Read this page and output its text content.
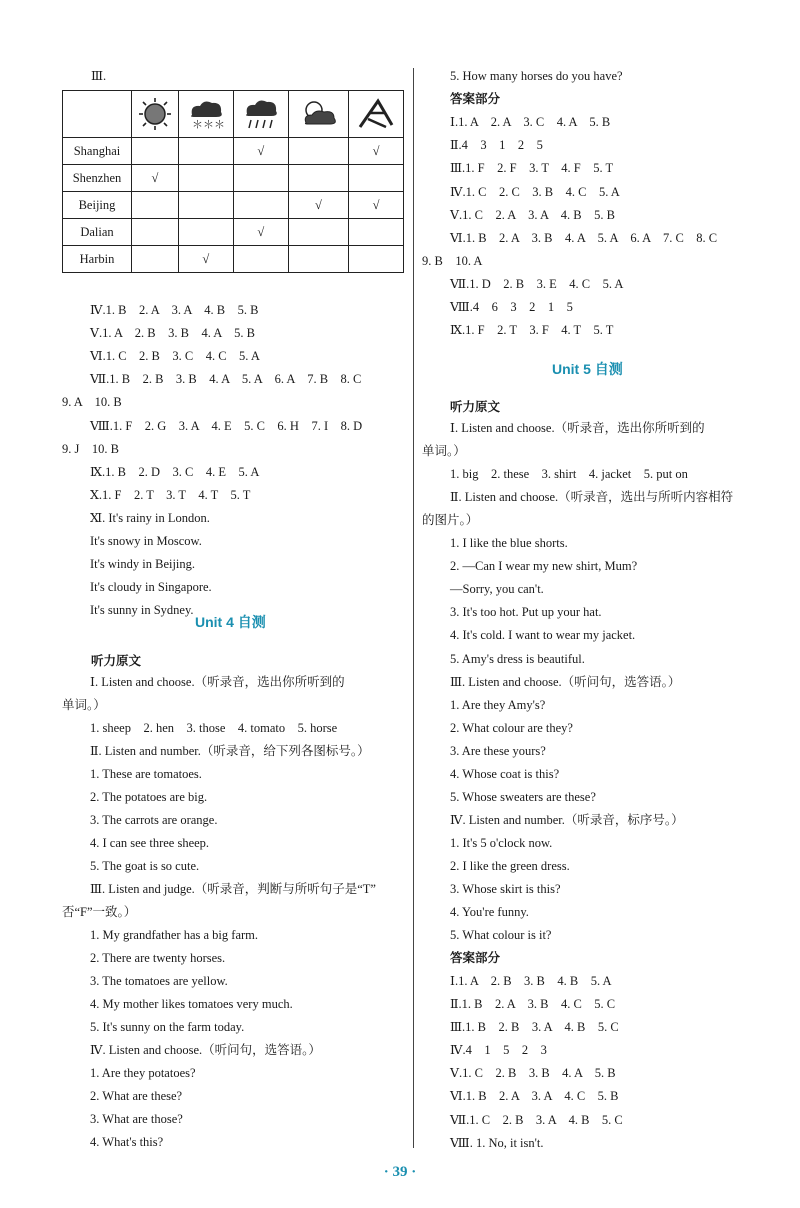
Ⅲ.

＊＊＊

Shanghai			√		√
Shenzhen	√				
Beijing				√	√
Dalian			√		
Harbin		√			
Ⅳ.1. B　2. A　3. A　4. B　5. B
Ⅴ.1. A　2. B　3. B　4. A　5. B
Ⅵ.1. C　2. B　3. C　4. C　5. A
Ⅶ.1. B　2. B　3. B　4. A　5. A　6. A　7. B　8. C
9. A　10. B
Ⅷ.1. F　2. G　3. A　4. E　5. C　6. H　7. I　8. D
9. J　10. B
Ⅸ.1. B　2. D　3. C　4. E　5. A
Ⅹ.1. F　2. T　3. T　4. T　5. T
Ⅺ. It's rainy in London.
It's snowy in Moscow.
It's windy in Beijing.
It's cloudy in Singapore.
It's sunny in Sydney.
Unit 4 自测
听力原文
Ⅰ. Listen and choose.（听录音，选出你所听到的
单词。）
1. sheep　2. hen　3. those　4. tomato　5. horse
Ⅱ. Listen and number.（听录音，给下列各图标号。）
1. These are tomatoes.
2. The potatoes are big.
3. The carrots are orange.
4. I can see three sheep.
5. The goat is so cute.
Ⅲ. Listen and judge.（听录音，判断与所听句子是“T”
否“F”一致。）
1. My grandfather has a big farm.
2. There are twenty horses.
3. The tomatoes are yellow.
4. My mother likes tomatoes very much.
5. It's sunny on the farm today.
Ⅳ. Listen and choose.（听问句，选答语。）
1. Are they potatoes?
2. What are these?
3. What are those?
4. What's this?
5. How many horses do you have?
答案部分
Ⅰ.1. A　2. A　3. C　4. A　5. B
Ⅱ.4　3　1　2　5
Ⅲ.1. F　2. F　3. T　4. F　5. T
Ⅳ.1. C　2. C　3. B　4. C　5. A
Ⅴ.1. C　2. A　3. A　4. B　5. B
Ⅵ.1. B　2. A　3. B　4. A　5. A　6. A　7. C　8. C
9. B　10. A
Ⅶ.1. D　2. B　3. E　4. C　5. A
Ⅷ.4　6　3　2　1　5
Ⅸ.1. F　2. T　3. F　4. T　5. T
Unit 5 自测
听力原文
Ⅰ. Listen and choose.（听录音，选出你所听到的
单词。）
1. big　2. these　3. shirt　4. jacket　5. put on
Ⅱ. Listen and choose.（听录音，选出与所听内容相符
的图片。）
1. I like the blue shorts.
2. —Can I wear my new shirt, Mum?
—Sorry, you can't.
3. It's too hot. Put up your hat.
4. It's cold. I want to wear my jacket.
5. Amy's dress is beautiful.
Ⅲ. Listen and choose.（听问句，选答语。）
1. Are they Amy's?
2. What colour are they?
3. Are these yours?
4. Whose coat is this?
5. Whose sweaters are these?
Ⅳ. Listen and number.（听录音，标序号。）
1. It's 5 o'clock now.
2. I like the green dress.
3. Whose skirt is this?
4. You're funny.
5. What colour is it?
答案部分
Ⅰ.1. A　2. B　3. B　4. B　5. A
Ⅱ.1. B　2. A　3. B　4. C　5. C
Ⅲ.1. B　2. B　3. A　4. B　5. C
Ⅳ.4　1　5　2　3
Ⅴ.1. C　2. B　3. B　4. A　5. B
Ⅵ.1. B　2. A　3. A　4. C　5. B
Ⅶ.1. C　2. B　3. A　4. B　5. C
Ⅷ. 1. No, it isn't.
· 39 ·
